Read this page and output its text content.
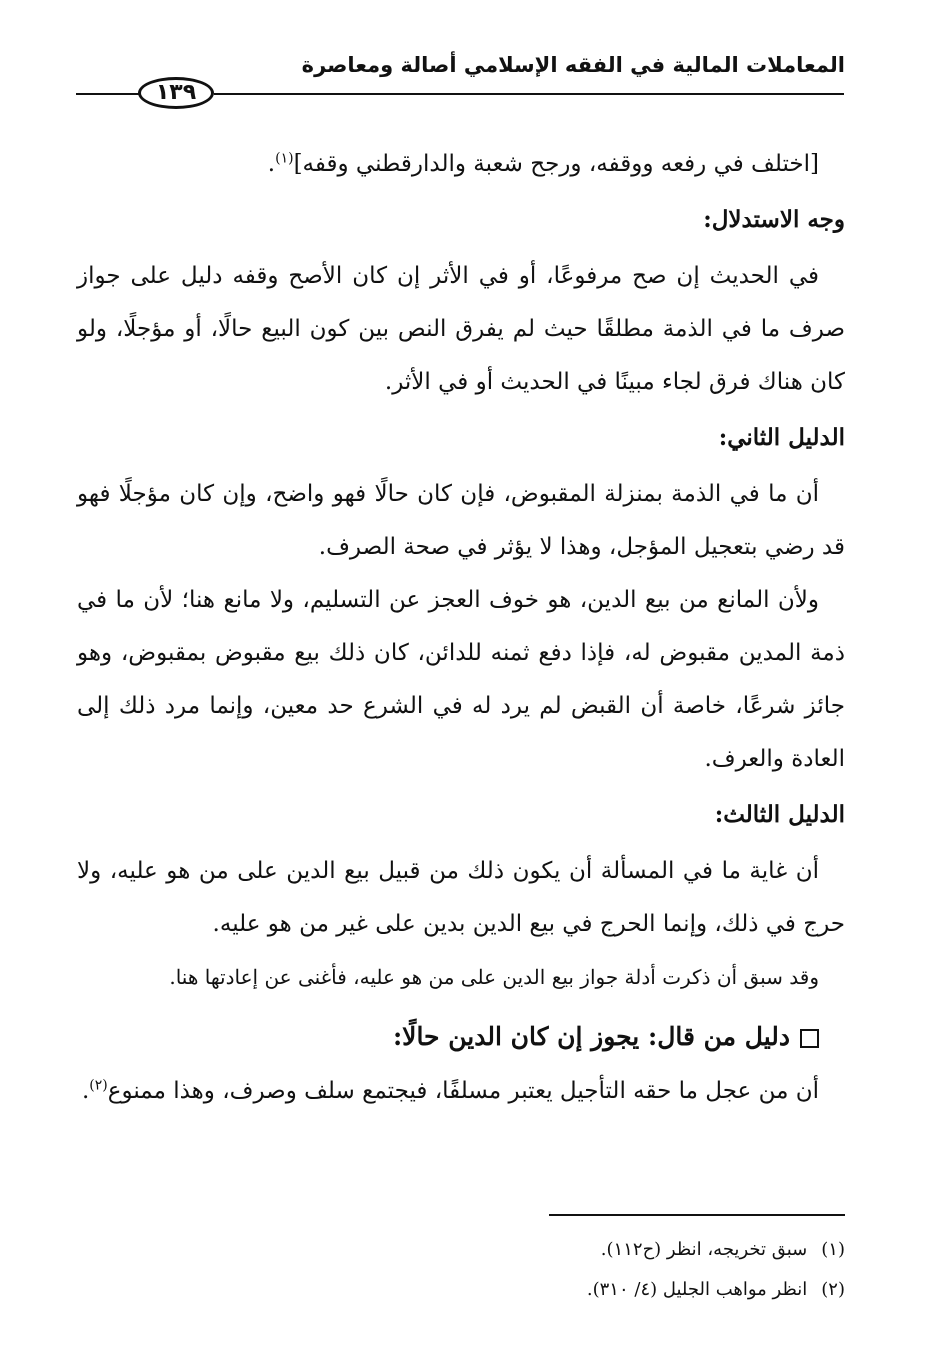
المعاملات المالية في الفقه الإسلامي أصالة ومعاصرة
١٣٩

[اختلف في رفعه ووقفه، ورجح شعبة والدارقطني وقفه]$^{(١)}$.

وجه الاستدلال:

في الحديث إن صح مرفوعًا، أو في الأثر إن كان الأصح وقفه دليل على جواز صرف ما في الذمة مطلقًا حيث لم يفرق النص بين كون البيع حالًا، أو مؤجلًا، ولو كان هناك فرق لجاء مبينًا في الحديث أو في الأثر.

الدليل الثاني:

أن ما في الذمة بمنزلة المقبوض، فإن كان حالًا فهو واضح، وإن كان مؤجلًا فهو قد رضي بتعجيل المؤجل، وهذا لا يؤثر في صحة الصرف.

ولأن المانع من بيع الدين، هو خوف العجز عن التسليم، ولا مانع هنا؛ لأن ما في ذمة المدين مقبوض له، فإذا دفع ثمنه للدائن، كان ذلك بيع مقبوض بمقبوض، وهو جائز شرعًا، خاصة أن القبض لم يرد له في الشرع حد معين، وإنما مرد ذلك إلى العادة والعرف.

الدليل الثالث:

أن غاية ما في المسألة أن يكون ذلك من قبيل بيع الدين على من هو عليه، ولا حرج في ذلك، وإنما الحرج في بيع الدين بدين على غير من هو عليه.

وقد سبق أن ذكرت أدلة جواز بيع الدين على من هو عليه، فأغنى عن إعادتها هنا.

دليل من قال: يجوز إن كان الدين حالًا:

أن من عجل ما حقه التأجيل يعتبر مسلفًا، فيجتمع سلف وصرف، وهذا ممنوع$^{(٢)}$.

(١)سبق تخريجه، انظر (ح١١٢).

(٢)انظر مواهب الجليل (٤/ ٣١٠).
